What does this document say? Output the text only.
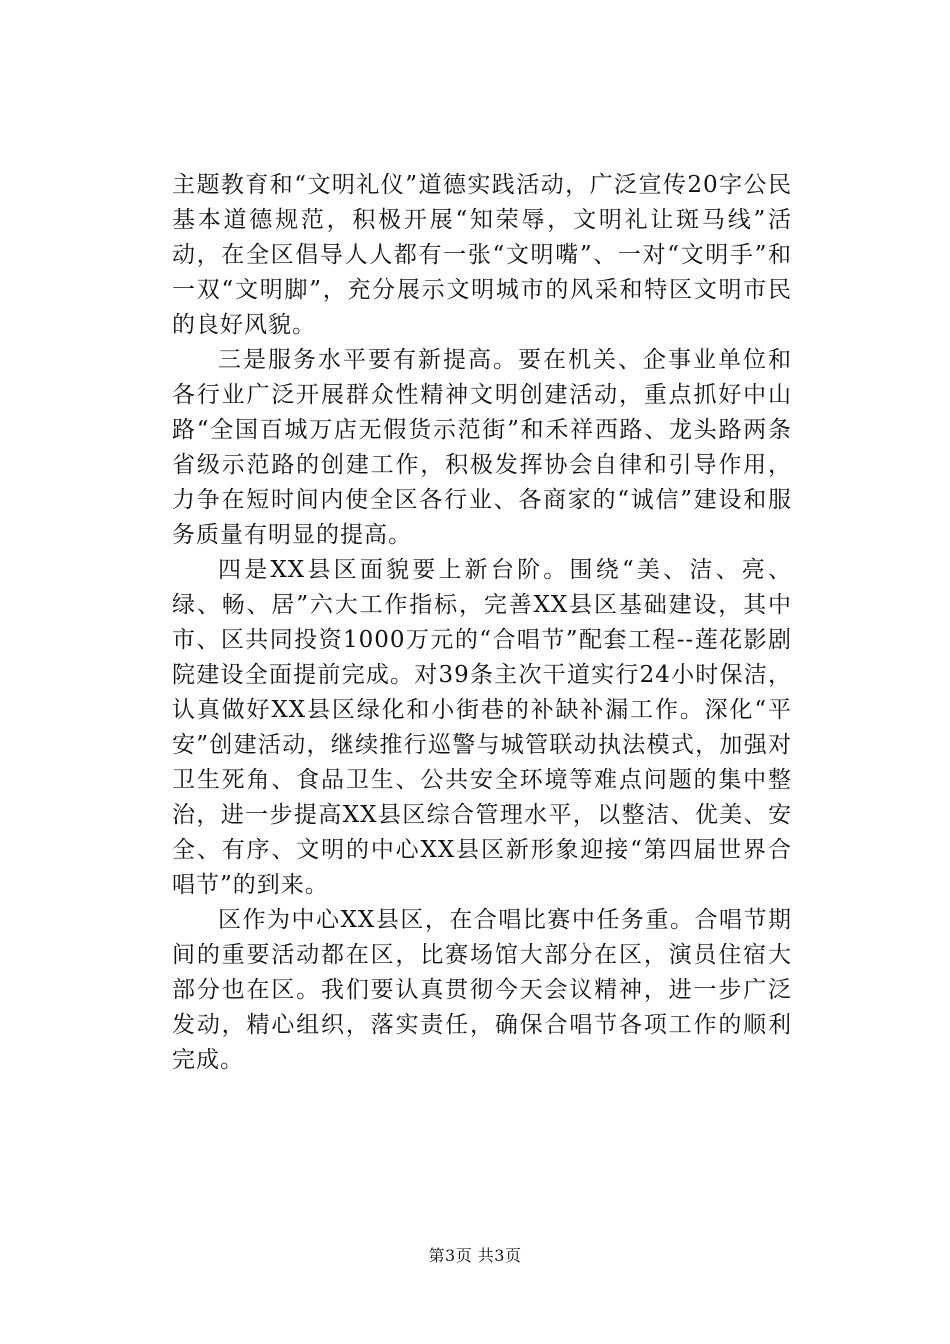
主题教育和“文明礼仪”道德实践活动，广泛宣传20字公民基本道德规范，积极开展“知荣辱，文明礼让斑马线”活动，在全区倡导人人都有一张“文明嘴”、一对“文明手”和一双“文明脚”，充分展示文明城市的风采和特区文明市民的良好风貌。

三是服务水平要有新提高。要在机关、企事业单位和各行业广泛开展群众性精神文明创建活动，重点抓好中山路“全国百城万店无假货示范街”和禾祥西路、龙头路两条省级示范路的创建工作，积极发挥协会自律和引导作用，力争在短时间内使全区各行业、各商家的“诚信”建设和服务质量有明显的提高。

四是XX县区面貌要上新台阶。围绕“美、洁、亮、绿、畅、居”六大工作指标，完善XX县区基础建设，其中市、区共同投资1000万元的“合唱节”配套工程--莲花影剧院建设全面提前完成。对39条主次干道实行24小时保洁，认真做好XX县区绿化和小街巷的补缺补漏工作。深化“平安”创建活动，继续推行巡警与城管联动执法模式，加强对卫生死角、食品卫生、公共安全环境等难点问题的集中整治，进一步提高XX县区综合管理水平，以整洁、优美、安全、有序、文明的中心XX县区新形象迎接“第四届世界合唱节”的到来。

区作为中心XX县区，在合唱比赛中任务重。合唱节期间的重要活动都在区，比赛场馆大部分在区，演员住宿大部分也在区。我们要认真贯彻今天会议精神，进一步广泛发动，精心组织，落实责任，确保合唱节各项工作的顺利完成。

第3页 共3页
